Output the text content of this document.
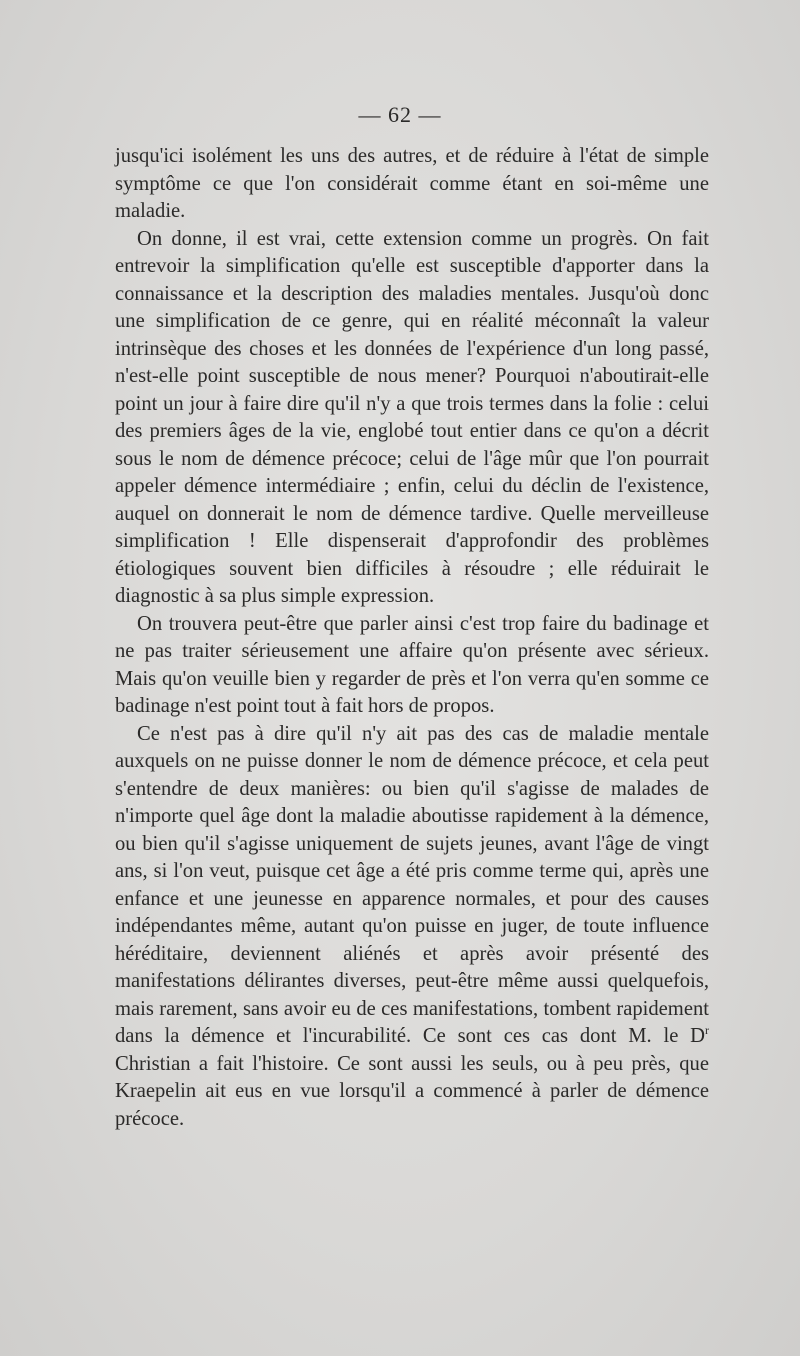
— 62 —

jusqu'ici isolément les uns des autres, et de réduire à l'état de simple symptôme ce que l'on considérait comme étant en soi-même une maladie.

On donne, il est vrai, cette extension comme un progrès. On fait entrevoir la simplification qu'elle est susceptible d'apporter dans la connaissance et la description des maladies mentales. Jusqu'où donc une simplification de ce genre, qui en réalité méconnaît la valeur intrinsèque des choses et les données de l'expérience d'un long passé, n'est-elle point susceptible de nous mener? Pourquoi n'aboutirait-elle point un jour à faire dire qu'il n'y a que trois termes dans la folie : celui des premiers âges de la vie, englobé tout entier dans ce qu'on a décrit sous le nom de démence précoce; celui de l'âge mûr que l'on pourrait appeler démence intermédiaire ; enfin, celui du déclin de l'existence, auquel on donnerait le nom de démence tardive. Quelle merveilleuse simplification ! Elle dispenserait d'approfondir des problèmes étiologiques souvent bien difficiles à résoudre ; elle réduirait le diagnostic à sa plus simple expression.

On trouvera peut-être que parler ainsi c'est trop faire du badinage et ne pas traiter sérieusement une affaire qu'on présente avec sérieux. Mais qu'on veuille bien y regarder de près et l'on verra qu'en somme ce badinage n'est point tout à fait hors de propos.

Ce n'est pas à dire qu'il n'y ait pas des cas de maladie mentale auxquels on ne puisse donner le nom de démence précoce, et cela peut s'entendre de deux manières: ou bien qu'il s'agisse de malades de n'importe quel âge dont la maladie aboutisse rapidement à la démence, ou bien qu'il s'agisse uniquement de sujets jeunes, avant l'âge de vingt ans, si l'on veut, puisque cet âge a été pris comme terme qui, après une enfance et une jeunesse en apparence normales, et pour des causes indépendantes même, autant qu'on puisse en juger, de toute influence héréditaire, deviennent aliénés et après avoir présenté des manifestations délirantes diverses, peut-être même aussi quelquefois, mais rarement, sans avoir eu de ces manifestations, tombent rapidement dans la démence et l'incurabilité. Ce sont ces cas dont M. le $D^r$ Christian a fait l'histoire. Ce sont aussi les seuls, ou à peu près, que Kraepelin ait eus en vue lorsqu'il a commencé à parler de démence précoce.
